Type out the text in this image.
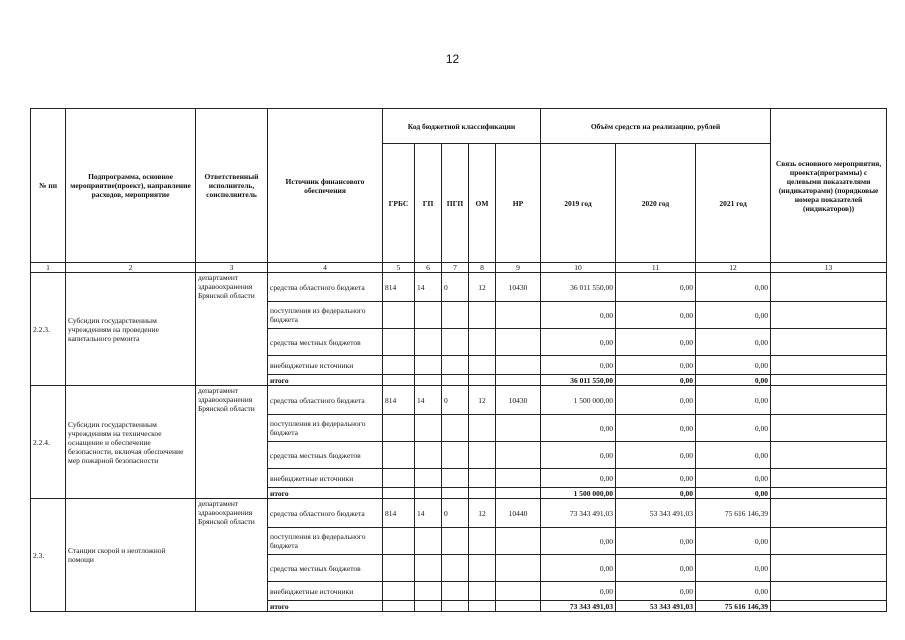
12
№ пп	Подпрограмма, основное мероприятие(проект), направление расходов, мероприятие	Ответственный исполнитель, соисполнитель	Источник финансового обеспечения	Код бюджетной классификации					Объём средств на реализацию, рублей			Связь основного мероприятия, проекта(программы) с целевыми показателями (индикаторами) (порядковые номера показателей (индикаторов))
				ГРБС	ГП	ПГП	ОМ	НР	2019 год	2020 год	2021 год	
1	2	3	4	5	6	7	8	9	10	11	12	13
2.2.3.	Субсидии государственным учреждениям на проведение капитального ремонта	департамент здравоохранения Брянской области	средства областного бюджета	814	14	0	12	10430	36 011 550,00	0,00	0,00	
			поступления из федерального бюджета						0,00	0,00	0,00	
			средства местных бюджетов						0,00	0,00	0,00	
			внебюджетные источники						0,00	0,00	0,00	
			итого						36 011 550,00	0,00	0,00	
2.2.4.	Субсидии государственным учреждениям на техническое оснащение и обеспечение безопасности, включая обеспечение мер пожарной безопасности	департамент здравоохранения Брянской области	средства областного бюджета	814	14	0	12	10430	1 500 000,00	0,00	0,00	
			поступления из федерального бюджета						0,00	0,00	0,00	
			средства местных бюджетов						0,00	0,00	0,00	
			внебюджетные источники						0,00	0,00	0,00	
			итого						1 500 000,00	0,00	0,00	
2.3.	Станции скорой и неотложной помощи	департамент здравоохранения Брянской области	средства областного бюджета	814	14	0	12	10440	73 343 491,03	53 343 491,03	75 616 146,39	
			поступления из федерального бюджета						0,00	0,00	0,00	
			средства местных бюджетов						0,00	0,00	0,00	
			внебюджетные источники						0,00	0,00	0,00	
			итого						73 343 491,03	53 343 491,03	75 616 146,39	
